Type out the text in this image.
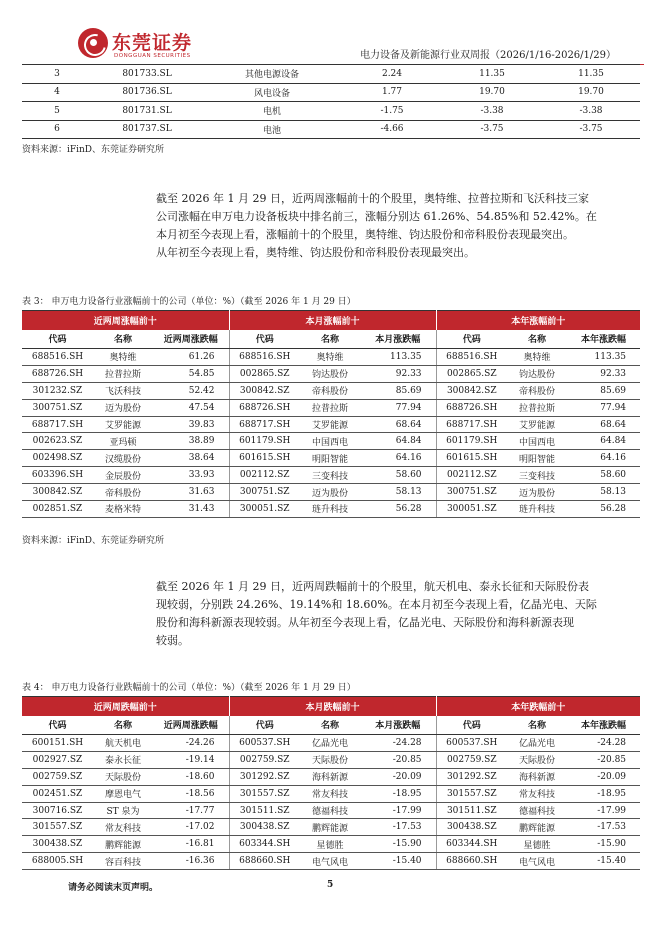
东莞证券
DONGGUAN SECURITIES	电力设备及新能源行业双周报（2026/1/16-2026/1/29）
3	801733.SL	其他电源设备	2.24	11.35	11.35
4	801736.SL	风电设备	1.77	19.70	19.70
5	801731.SL	电机	-1.75	-3.38	-3.38
6	801737.SL	电池	-4.66	-3.75	-3.75
资料来源：iFinD、东莞证券研究所
截至 2026 年 1 月 29 日，近两周涨幅前十的个股里，奥特维、拉普拉斯和飞沃科技三家
公司涨幅在申万电力设备板块中排名前三，涨幅分别达 61.26%、54.85%和 52.42%。在
本月初至今表现上看，涨幅前十的个股里，奥特维、钧达股份和帝科股份表现最突出。
从年初至今表现上看，奥特维、钧达股份和帝科股份表现最突出。
表 3： 申万电力设备行业涨幅前十的公司（单位：%）（截至 2026 年 1 月 29 日）
近两周涨幅前十			本月涨幅前十			本年涨幅前十		
代码	名称	近两周涨跌幅	代码	名称	本月涨跌幅	代码	名称	本年涨跌幅
688516.SH	奥特维	61.26	688516.SH	奥特维	113.35	688516.SH	奥特维	113.35
688726.SH	拉普拉斯	54.85	002865.SZ	钧达股份	92.33	002865.SZ	钧达股份	92.33
301232.SZ	飞沃科技	52.42	300842.SZ	帝科股份	85.69	300842.SZ	帝科股份	85.69
300751.SZ	迈为股份	47.54	688726.SH	拉普拉斯	77.94	688726.SH	拉普拉斯	77.94
688717.SH	艾罗能源	39.83	688717.SH	艾罗能源	68.64	688717.SH	艾罗能源	68.64
002623.SZ	亚玛顿	38.89	601179.SH	中国西电	64.84	601179.SH	中国西电	64.84
002498.SZ	汉缆股份	38.64	601615.SH	明阳智能	64.16	601615.SH	明阳智能	64.16
603396.SH	金辰股份	33.93	002112.SZ	三变科技	58.60	002112.SZ	三变科技	58.60
300842.SZ	帝科股份	31.63	300751.SZ	迈为股份	58.13	300751.SZ	迈为股份	58.13
002851.SZ	麦格米特	31.43	300051.SZ	琏升科技	56.28	300051.SZ	琏升科技	56.28
资料来源：iFinD、东莞证券研究所
截至 2026 年 1 月 29 日，近两周跌幅前十的个股里，航天机电、泰永长征和天际股份表
现较弱，分别跌 24.26%、19.14%和 18.60%。在本月初至今表现上看，亿晶光电、天际
股份和海科新源表现较弱。从年初至今表现上看，亿晶光电、天际股份和海科新源表现
较弱。
表 4： 申万电力设备行业跌幅前十的公司（单位：%）（截至 2026 年 1 月 29 日）
近两周跌幅前十			本月跌幅前十			本年跌幅前十		
代码	名称	近两周涨跌幅	代码	名称	本月涨跌幅	代码	名称	本年涨跌幅
600151.SH	航天机电	-24.26	600537.SH	亿晶光电	-24.28	600537.SH	亿晶光电	-24.28
002927.SZ	泰永长征	-19.14	002759.SZ	天际股份	-20.85	002759.SZ	天际股份	-20.85
002759.SZ	天际股份	-18.60	301292.SZ	海科新源	-20.09	301292.SZ	海科新源	-20.09
002451.SZ	摩恩电气	-18.56	301557.SZ	常友科技	-18.95	301557.SZ	常友科技	-18.95
300716.SZ	ST 泉为	-17.77	301511.SZ	德福科技	-17.99	301511.SZ	德福科技	-17.99
301557.SZ	常友科技	-17.02	300438.SZ	鹏辉能源	-17.53	300438.SZ	鹏辉能源	-17.53
300438.SZ	鹏辉能源	-16.81	603344.SH	星德胜	-15.90	603344.SH	星德胜	-15.90
688005.SH	容百科技	-16.36	688660.SH	电气风电	-15.40	688660.SH	电气风电	-15.40
请务必阅读末页声明。	5
